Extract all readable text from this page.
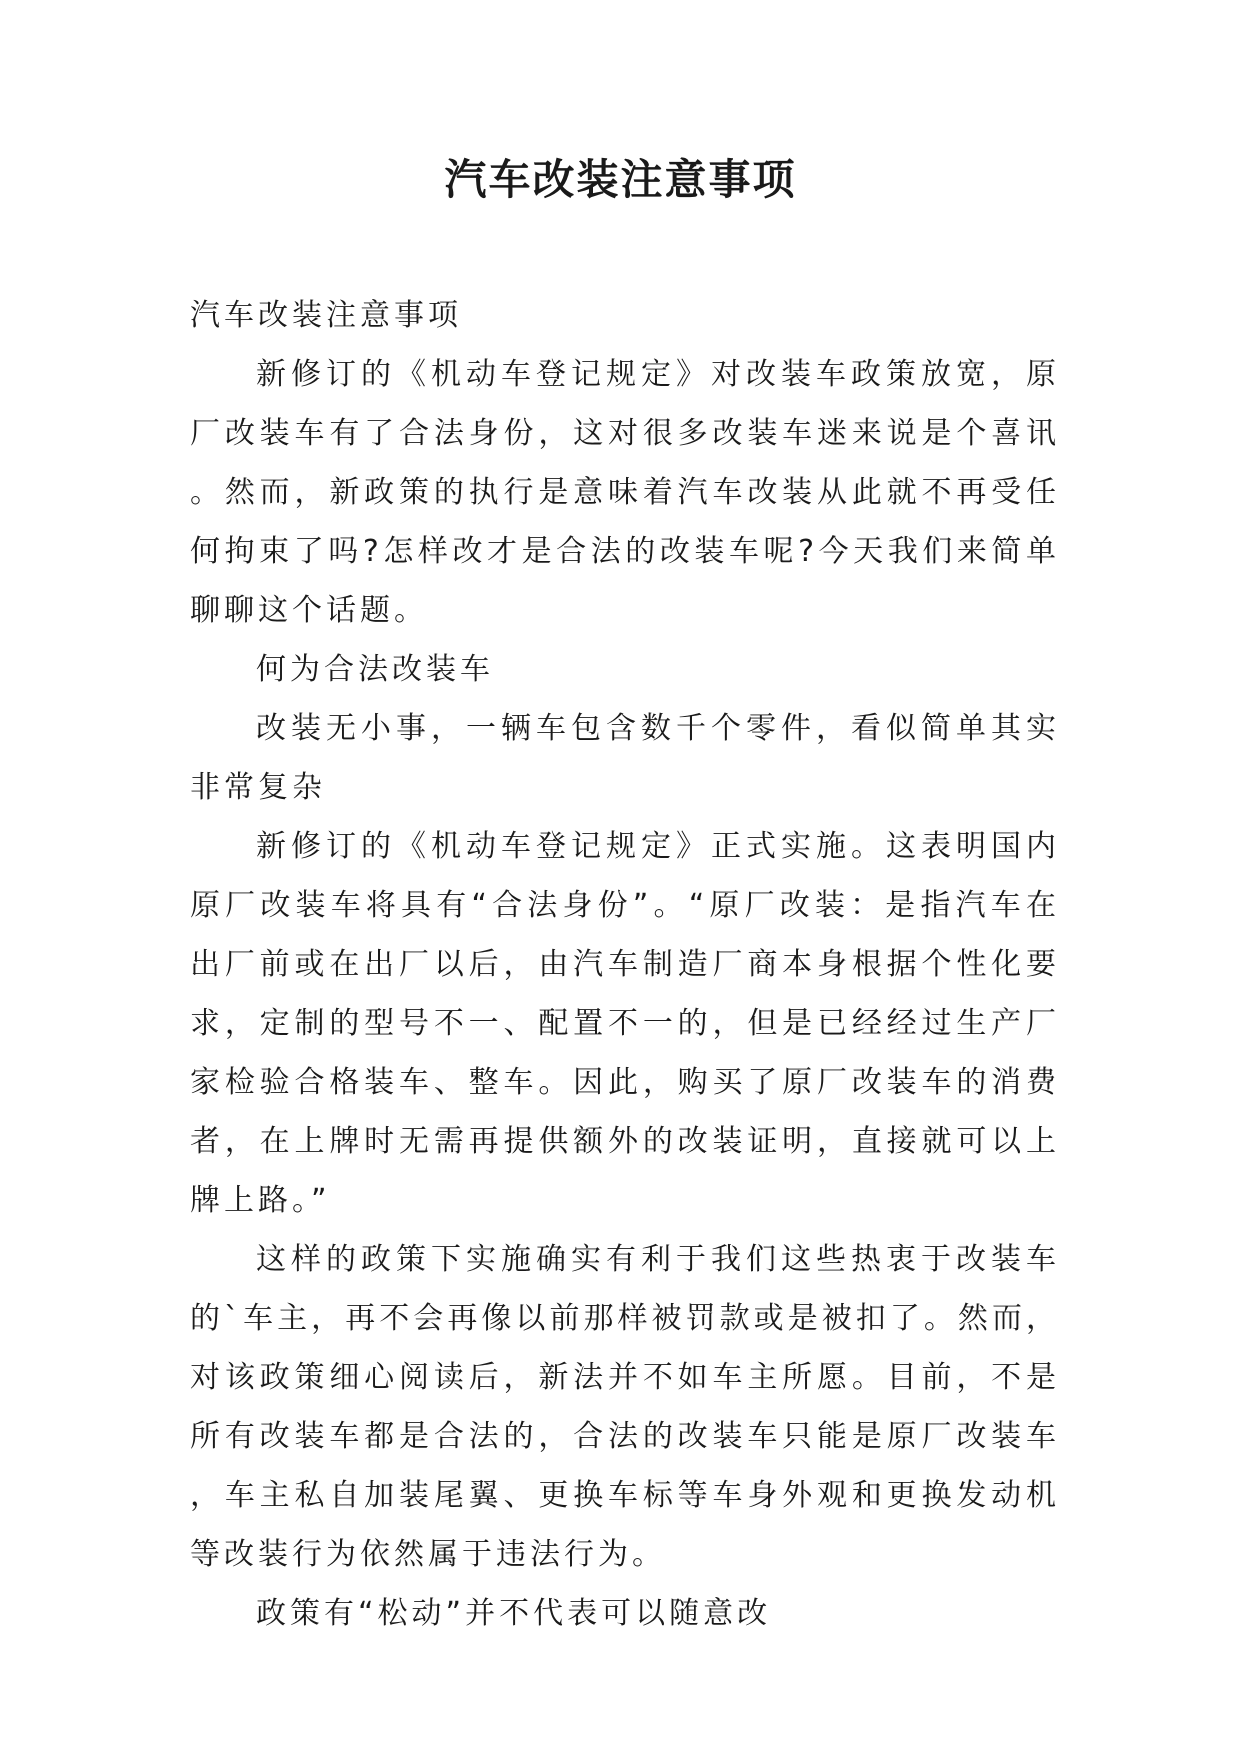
汽车改装注意事项

汽车改装注意事项

新修订的《机动车登记规定》对改装车政策放宽，原厂改装车有了合法身份，这对很多改装车迷来说是个喜讯。然而，新政策的执行是意味着汽车改装从此就不再受任何拘束了吗?怎样改才是合法的改装车呢?今天我们来简单聊聊这个话题。

何为合法改装车

改装无小事，一辆车包含数千个零件，看似简单其实非常复杂

新修订的《机动车登记规定》正式实施。这表明国内原厂改装车将具有“合法身份”。“原厂改装：是指汽车在出厂前或在出厂以后，由汽车制造厂商本身根据个性化要求，定制的型号不一、配置不一的，但是已经经过生产厂家检验合格装车、整车。因此，购买了原厂改装车的消费者，在上牌时无需再提供额外的改装证明，直接就可以上牌上路。”

这样的政策下实施确实有利于我们这些热衷于改装车的`车主，再不会再像以前那样被罚款或是被扣了。然而，对该政策细心阅读后，新法并不如车主所愿。目前，不是所有改装车都是合法的，合法的改装车只能是原厂改装车，车主私自加装尾翼、更换车标等车身外观和更换发动机等改装行为依然属于违法行为。

政策有“松动”并不代表可以随意改
